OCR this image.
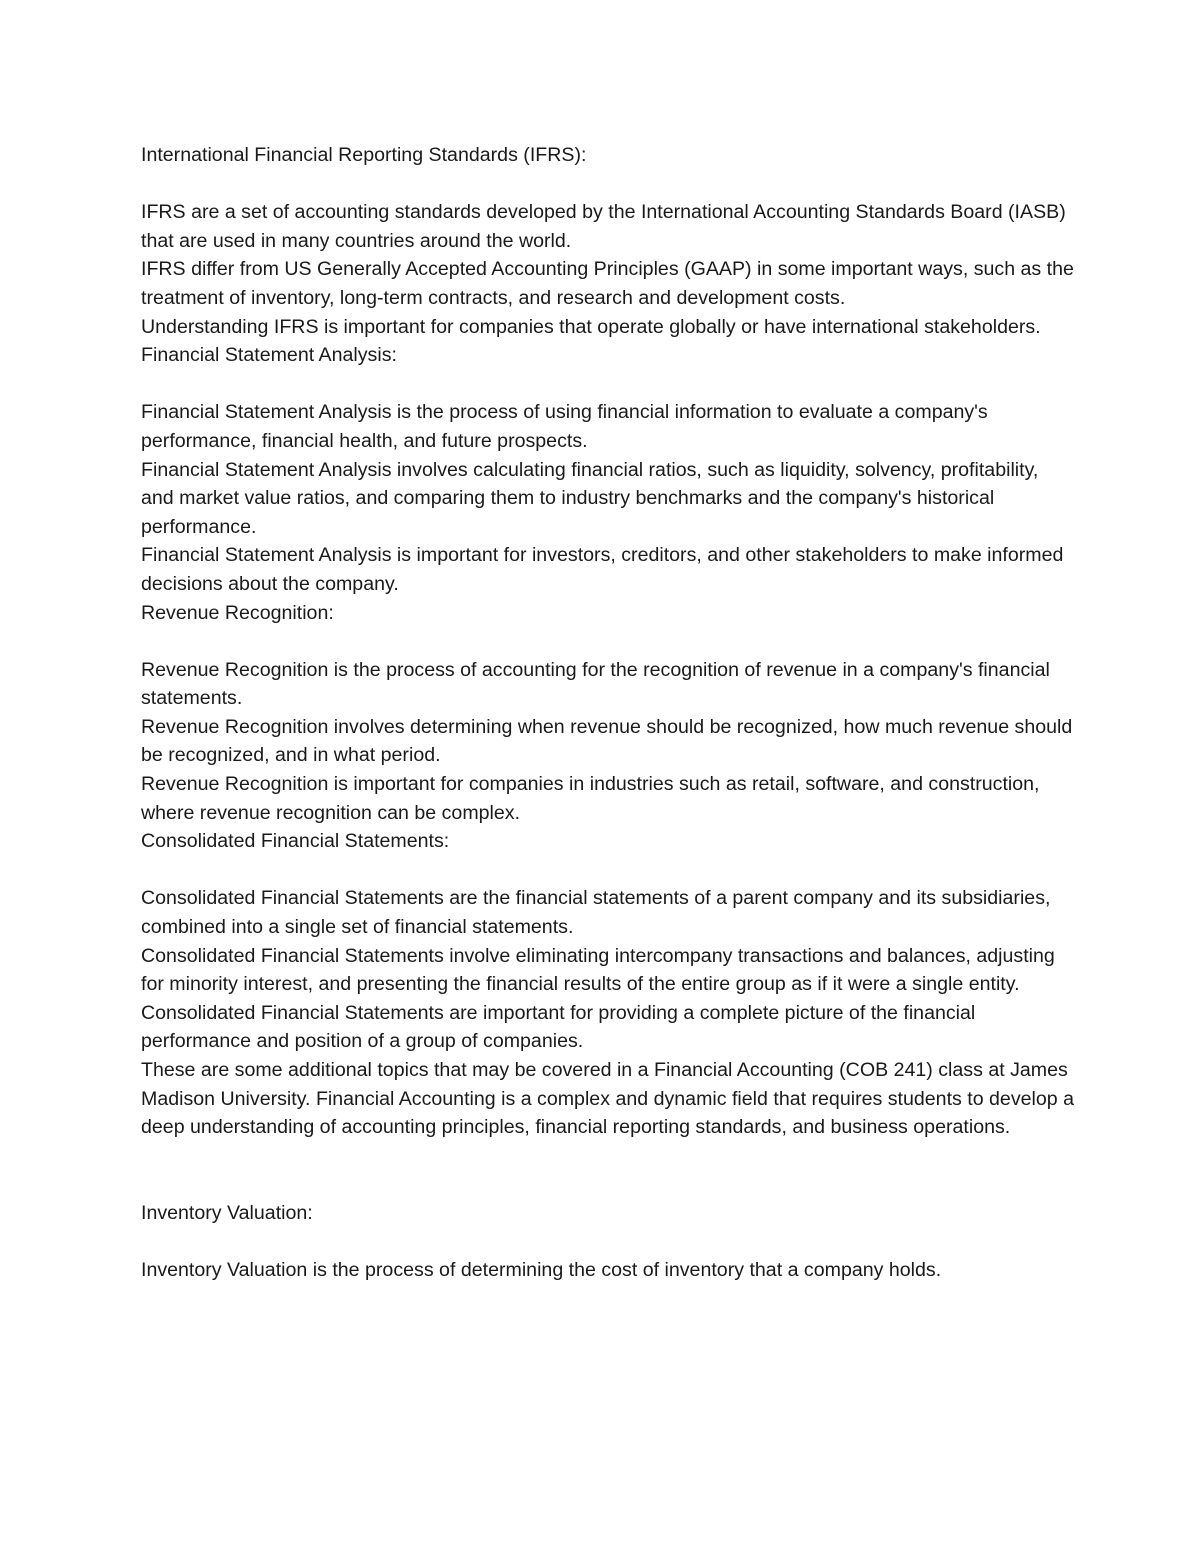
International Financial Reporting Standards (IFRS):

IFRS are a set of accounting standards developed by the International Accounting Standards Board (IASB) that are used in many countries around the world.

IFRS differ from US Generally Accepted Accounting Principles (GAAP) in some important ways, such as the treatment of inventory, long-term contracts, and research and development costs.

Understanding IFRS is important for companies that operate globally or have international stakeholders.

Financial Statement Analysis:

Financial Statement Analysis is the process of using financial information to evaluate a company's performance, financial health, and future prospects.

Financial Statement Analysis involves calculating financial ratios, such as liquidity, solvency, profitability, and market value ratios, and comparing them to industry benchmarks and the company's historical performance.

Financial Statement Analysis is important for investors, creditors, and other stakeholders to make informed decisions about the company.

Revenue Recognition:

Revenue Recognition is the process of accounting for the recognition of revenue in a company's financial statements.

Revenue Recognition involves determining when revenue should be recognized, how much revenue should be recognized, and in what period.

Revenue Recognition is important for companies in industries such as retail, software, and construction, where revenue recognition can be complex.

Consolidated Financial Statements:

Consolidated Financial Statements are the financial statements of a parent company and its subsidiaries, combined into a single set of financial statements.

Consolidated Financial Statements involve eliminating intercompany transactions and balances, adjusting for minority interest, and presenting the financial results of the entire group as if it were a single entity.

Consolidated Financial Statements are important for providing a complete picture of the financial performance and position of a group of companies.

These are some additional topics that may be covered in a Financial Accounting (COB 241) class at James Madison University. Financial Accounting is a complex and dynamic field that requires students to develop a deep understanding of accounting principles, financial reporting standards, and business operations.

Inventory Valuation:

Inventory Valuation is the process of determining the cost of inventory that a company holds.
